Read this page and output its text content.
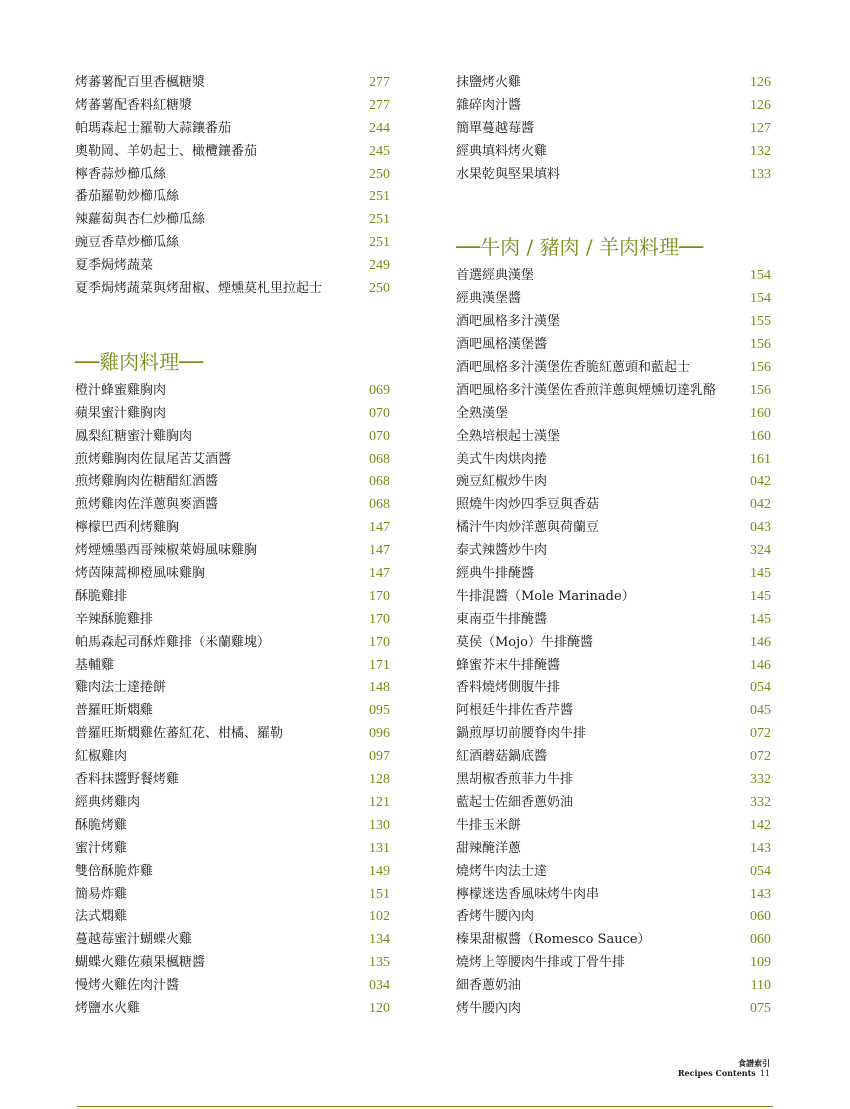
烤蕃薯配百里香楓糖漿	277
烤蕃薯配香料紅糖漿	277
帕瑪森起士羅勒大蒜鑲番茄	244
奧勒岡、羊奶起士、橄欖鑲番茄	245
檸香蒜炒櫛瓜絲	250
番茄羅勒炒櫛瓜絲	251
辣蘿蔔與杏仁炒櫛瓜絲	251
豌豆香草炒櫛瓜絲	251
夏季焗烤蔬菜	249
夏季焗烤蔬菜與烤甜椒、煙燻莫札里拉起士	250
──雞肉料理──
橙汁蜂蜜雞胸肉	069
蘋果蜜汁雞胸肉	070
鳳梨紅糖蜜汁雞胸肉	070
煎烤雞胸肉佐鼠尾苦艾酒醬	068
煎烤雞胸肉佐糖醋紅酒醬	068
煎烤雞肉佐洋蔥與麥酒醬	068
檸檬巴西利烤雞胸	147
烤煙燻墨西哥辣椒萊姆風味雞胸	147
烤茵陳蒿柳橙風味雞胸	147
酥脆雞排	170
辛辣酥脆雞排	170
帕馬森起司酥炸雞排（米蘭雞塊）	170
基輔雞	171
雞肉法士達捲餅	148
普羅旺斯燜雞	095
普羅旺斯燜雞佐蕃紅花、柑橘、羅勒	096
紅椒雞肉	097
香料抹醬野餐烤雞	128
經典烤雞肉	121
酥脆烤雞	130
蜜汁烤雞	131
雙倍酥脆炸雞	149
簡易炸雞	151
法式燜雞	102
蔓越莓蜜汁蝴蝶火雞	134
蝴蝶火雞佐蘋果楓糖醬	135
慢烤火雞佐肉汁醬	034
烤鹽水火雞	120
抹鹽烤火雞	126
雜碎肉汁醬	126
簡單蔓越莓醬	127
經典填料烤火雞	132
水果乾與堅果填料	133
──牛肉 / 豬肉 / 羊肉料理──
首選經典漢堡	154
經典漢堡醬	154
酒吧風格多汁漢堡	155
酒吧風格漢堡醬	156
酒吧風格多汁漢堡佐香脆紅蔥頭和藍起士	156
酒吧風格多汁漢堡佐香煎洋蔥與煙燻切達乳酪 156
全熟漢堡	160
全熟培根起士漢堡	160
美式牛肉烘肉捲	161
豌豆紅椒炒牛肉	042
照燒牛肉炒四季豆與香菇	042
橘汁牛肉炒洋蔥與荷蘭豆	043
泰式辣醬炒牛肉	324
經典牛排醃醬	145
牛排混醬（Mole Marinade）	145
東南亞牛排醃醬	145
莫侯（Mojo）牛排醃醬	146
蜂蜜芥末牛排醃醬	146
香料燒烤側腹牛排	054
阿根廷牛排佐香芹醬	045
鍋煎厚切前腰脊肉牛排	072
紅酒蘑菇鍋底醬	072
黑胡椒香煎菲力牛排	332
藍起士佐細香蔥奶油	332
牛排玉米餅	142
甜辣醃洋蔥	143
燒烤牛肉法士達	054
檸檬迷迭香風味烤牛肉串	143
香烤牛腰內肉	060
榛果甜椒醬（Romesco Sauce）	060
燒烤上等腰肉牛排或丁骨牛排	109
細香蔥奶油	110
烤牛腰內肉	075
食譜索引
Recipes Contents 11
